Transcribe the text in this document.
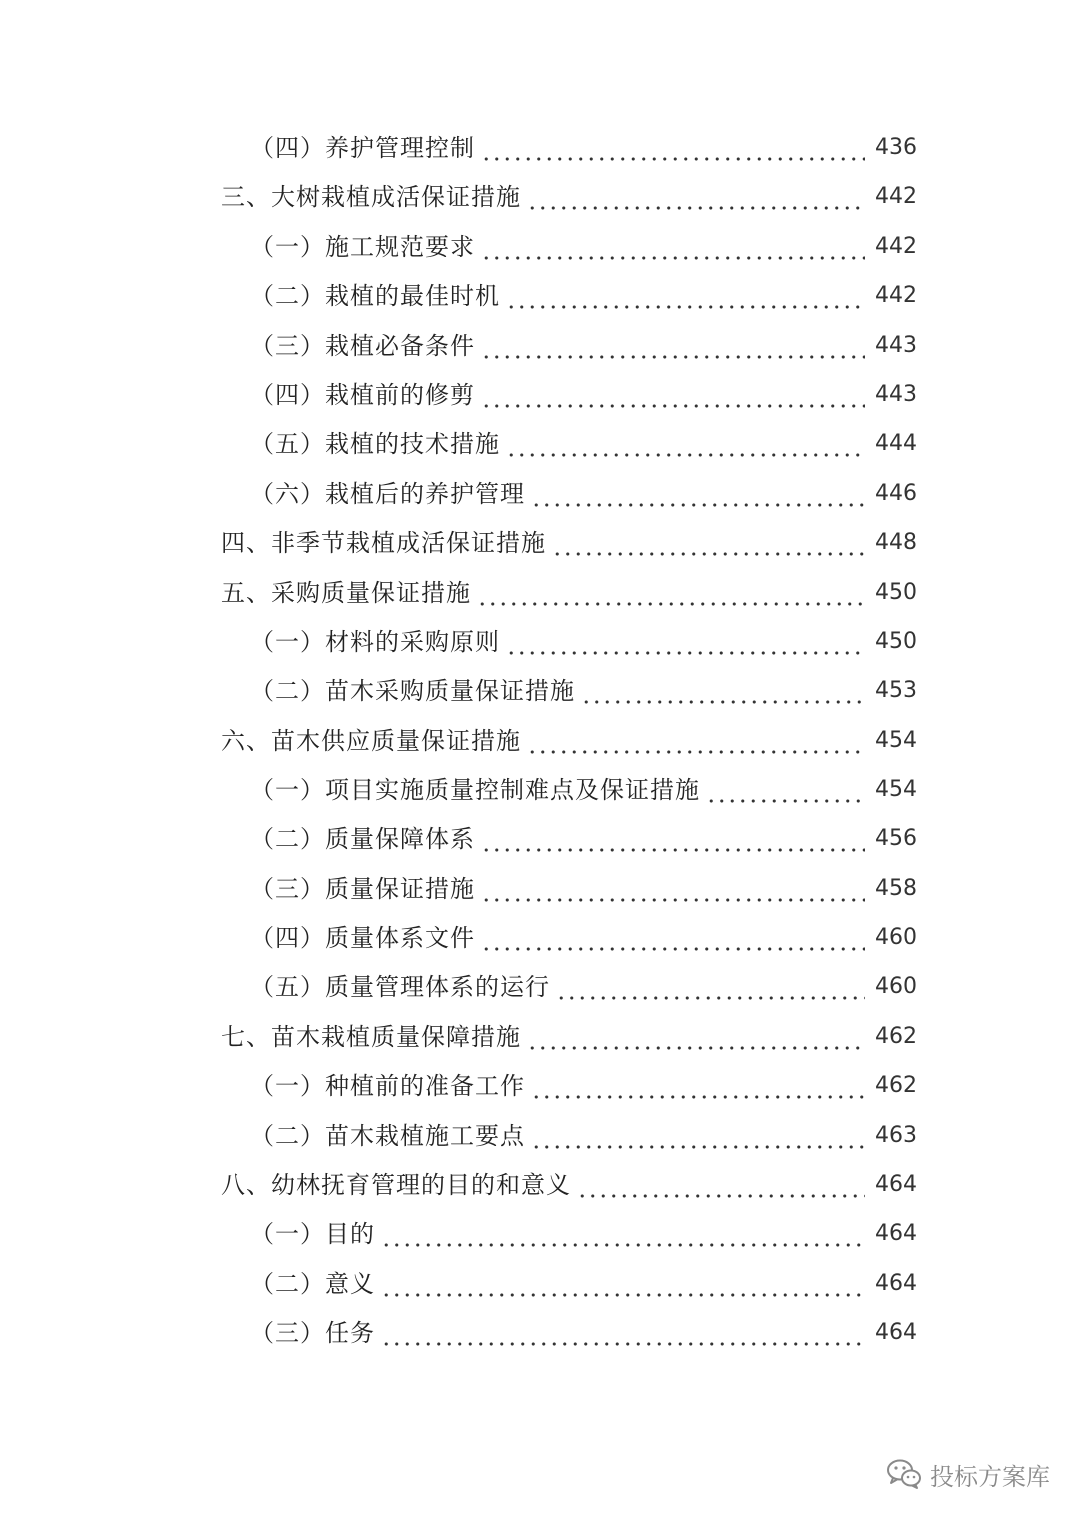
（四）养护管理控制	436
三、大树栽植成活保证措施	442
（一）施工规范要求	442
（二）栽植的最佳时机	442
（三）栽植必备条件	443
（四）栽植前的修剪	443
（五）栽植的技术措施	444
（六）栽植后的养护管理	446
四、非季节栽植成活保证措施	448
五、采购质量保证措施	450
（一）材料的采购原则	450
（二）苗木采购质量保证措施	453
六、苗木供应质量保证措施	454
（一）项目实施质量控制难点及保证措施	454
（二）质量保障体系	456
（三）质量保证措施	458
（四）质量体系文件	460
（五）质量管理体系的运行	460
七、苗木栽植质量保障措施	462
（一）种植前的准备工作	462
（二）苗木栽植施工要点	463
八、幼林抚育管理的目的和意义	464
（一）目的	464
（二）意义	464
（三）任务	464
投标方案库
